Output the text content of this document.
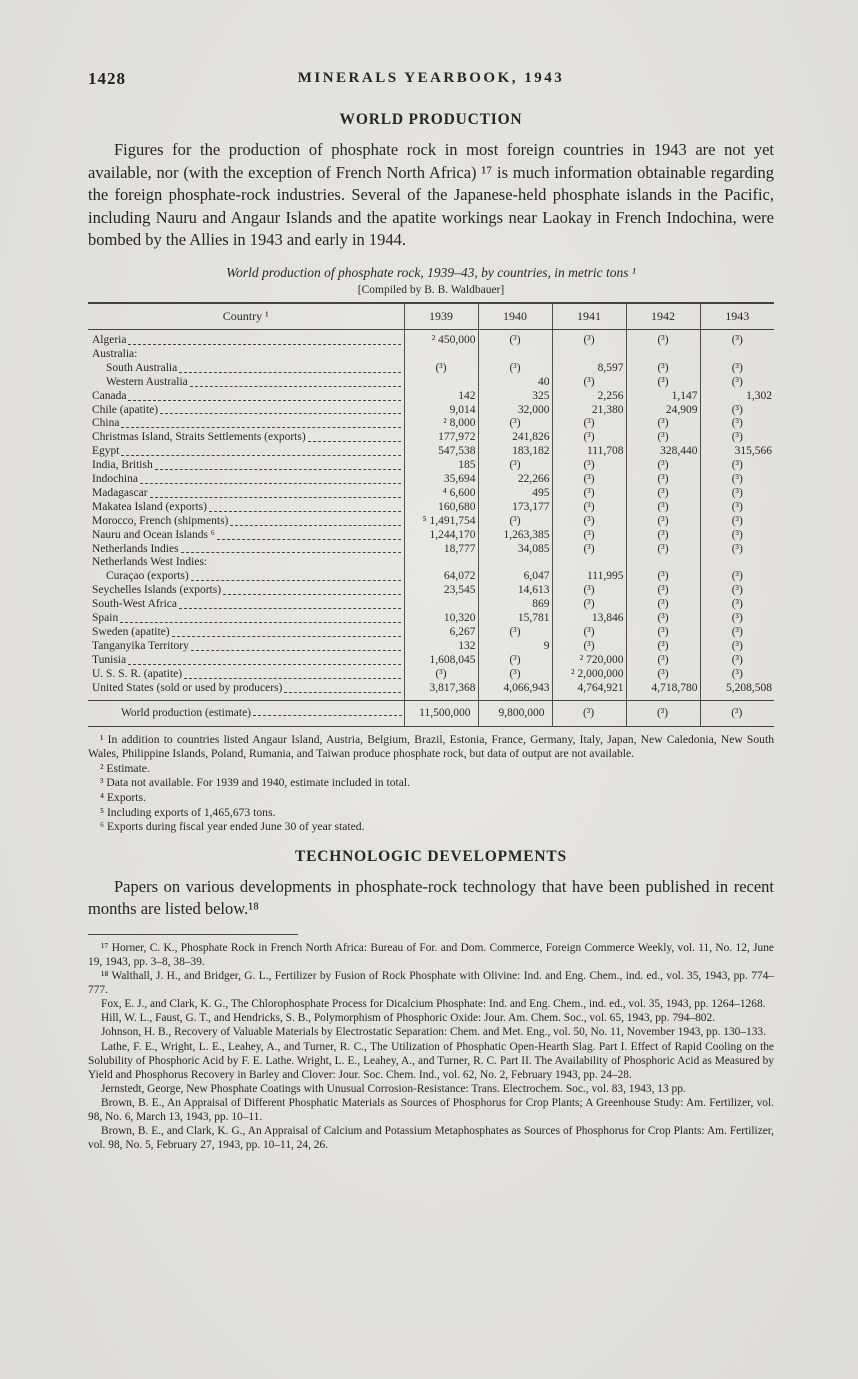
1428	MINERALS YEARBOOK, 1943
WORLD PRODUCTION

Figures for the production of phosphate rock in most foreign countries in 1943 are not yet available, nor (with the exception of French North Africa) ¹⁷ is much information obtainable regarding the foreign phosphate-rock industries. Several of the Japanese-held phosphate islands in the Pacific, including Nauru and Angaur Islands and the apatite workings near Laokay in French Indochina, were bombed by the Allies in 1943 and early in 1944.

World production of phosphate rock, 1939–43, by countries, in metric tons ¹
[Compiled by B. B. Waldbauer]
Country ¹	1939	1940	1941	1942	1943

Algeria	² 450,000	(³)	(³)	(³)	(³)

Australia:					

South Australia	(³)	(³)	8,597	(³)	(³)

Western Australia		40	(³)	(³)	(³)

Canada	142	325	2,256	1,147	1,302

Chile (apatite)	9,014	32,000	21,380	24,909	(³)

China	² 8,000	(³)	(³)	(³)	(³)

Christmas Island, Straits Settlements (exports)	177,972	241,826	(³)	(³)	(³)

Egypt	547,538	183,182	111,708	328,440	315,566

India, British	185	(³)	(³)	(³)	(³)

Indochina	35,694	22,266	(³)	(³)	(³)

Madagascar	⁴ 6,600	495	(³)	(³)	(³)

Makatea Island (exports)	160,680	173,177	(³)	(³)	(³)

Morocco, French (shipments)	⁵ 1,491,754	(³)	(³)	(³)	(³)

Nauru and Ocean Islands ⁶	1,244,170	1,263,385	(³)	(³)	(³)

Netherlands Indies	18,777	34,085	(³)	(³)	(³)

Netherlands West Indies:					

Curaçao (exports)	64,072	6,047	111,995	(³)	(³)

Seychelles Islands (exports)	23,545	14,613	(³)	(³)	(³)

South-West Africa		869	(³)	(³)	(³)

Spain	10,320	15,781	13,846	(³)	(³)

Sweden (apatite)	6,267	(³)	(³)	(³)	(³)

Tanganyika Territory	132	9	(³)	(³)	(³)

Tunisia	1,608,045	(³)	² 720,000	(³)	(³)

U. S. S. R. (apatite)	(³)	(³)	² 2,000,000	(³)	(³)

United States (sold or used by producers)	3,817,368	4,066,943	4,764,921	4,718,780	5,208,508

World production (estimate)	11,500,000	9,800,000	(³)	(³)	(³)

¹ In addition to countries listed Angaur Island, Austria, Belgium, Brazil, Estonia, France, Germany, Italy, Japan, New Caledonia, New South Wales, Philippine Islands, Poland, Rumania, and Taiwan produce phosphate rock, but data of output are not available.

² Estimate.

³ Data not available. For 1939 and 1940, estimate included in total.

⁴ Exports.

⁵ Including exports of 1,465,673 tons.

⁶ Exports during fiscal year ended June 30 of year stated.

TECHNOLOGIC DEVELOPMENTS

Papers on various developments in phosphate-rock technology that have been published in recent months are listed below.¹⁸

¹⁷ Horner, C. K., Phosphate Rock in French North Africa: Bureau of For. and Dom. Commerce, Foreign Commerce Weekly, vol. 11, No. 12, June 19, 1943, pp. 3–8, 38–39.

¹⁸ Walthall, J. H., and Bridger, G. L., Fertilizer by Fusion of Rock Phosphate with Olivine: Ind. and Eng. Chem., ind. ed., vol. 35, 1943, pp. 774–777.

Fox, E. J., and Clark, K. G., The Chlorophosphate Process for Dicalcium Phosphate: Ind. and Eng. Chem., ind. ed., vol. 35, 1943, pp. 1264–1268.

Hill, W. L., Faust, G. T., and Hendricks, S. B., Polymorphism of Phosphoric Oxide: Jour. Am. Chem. Soc., vol. 65, 1943, pp. 794–802.

Johnson, H. B., Recovery of Valuable Materials by Electrostatic Separation: Chem. and Met. Eng., vol. 50, No. 11, November 1943, pp. 130–133.

Lathe, F. E., Wright, L. E., Leahey, A., and Turner, R. C., The Utilization of Phosphatic Open-Hearth Slag. Part I. Effect of Rapid Cooling on the Solubility of Phosphoric Acid by F. E. Lathe. Wright, L. E., Leahey, A., and Turner, R. C. Part II. The Availability of Phosphoric Acid as Measured by Yield and Phosphorus Recovery in Barley and Clover: Jour. Soc. Chem. Ind., vol. 62, No. 2, February 1943, pp. 24–28.

Jernstedt, George, New Phosphate Coatings with Unusual Corrosion-Resistance: Trans. Electrochem. Soc., vol. 83, 1943, 13 pp.

Brown, B. E., An Appraisal of Different Phosphatic Materials as Sources of Phosphorus for Crop Plants; A Greenhouse Study: Am. Fertilizer, vol. 98, No. 6, March 13, 1943, pp. 10–11.

Brown, B. E., and Clark, K. G., An Appraisal of Calcium and Potassium Metaphosphates as Sources of Phosphorus for Crop Plants: Am. Fertilizer, vol. 98, No. 5, February 27, 1943, pp. 10–11, 24, 26.
